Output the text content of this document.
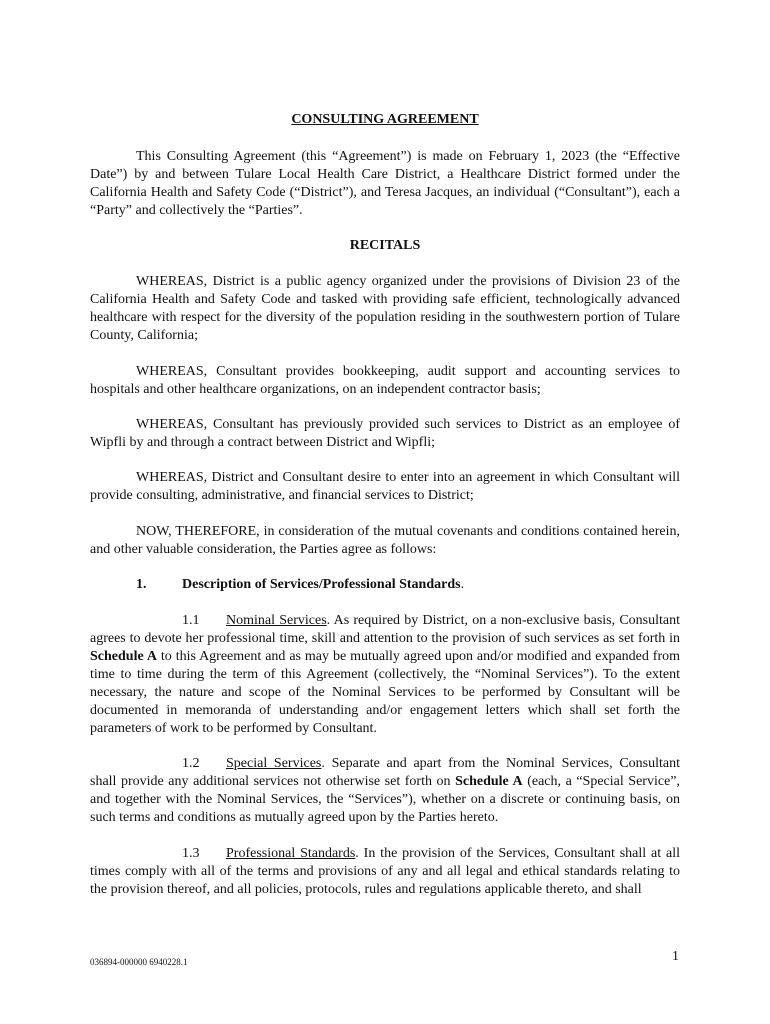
CONSULTING AGREEMENT
This Consulting Agreement (this “Agreement”) is made on February 1, 2023 (the “Effective Date”) by and between Tulare Local Health Care District, a Healthcare District formed under the California Health and Safety Code (“District”), and Teresa Jacques, an individual (“Consultant”), each a “Party” and collectively the “Parties”.
RECITALS
WHEREAS, District is a public agency organized under the provisions of Division 23 of the California Health and Safety Code and tasked with providing safe efficient, technologically advanced healthcare with respect for the diversity of the population residing in the southwestern portion of Tulare County, California;
WHEREAS, Consultant provides bookkeeping, audit support and accounting services to hospitals and other healthcare organizations, on an independent contractor basis;
WHEREAS, Consultant has previously provided such services to District as an employee of Wipfli by and through a contract between District and Wipfli;
WHEREAS, District and Consultant desire to enter into an agreement in which Consultant will provide consulting, administrative, and financial services to District;
NOW, THEREFORE, in consideration of the mutual covenants and conditions contained herein, and other valuable consideration, the Parties agree as follows:
1.	Description of Services/Professional Standards.
1.1 Nominal Services. As required by District, on a non-exclusive basis, Consultant agrees to devote her professional time, skill and attention to the provision of such services as set forth in Schedule A to this Agreement and as may be mutually agreed upon and/or modified and expanded from time to time during the term of this Agreement (collectively, the “Nominal Services”). To the extent necessary, the nature and scope of the Nominal Services to be performed by Consultant will be documented in memoranda of understanding and/or engagement letters which shall set forth the parameters of work to be performed by Consultant.
1.2 Special Services. Separate and apart from the Nominal Services, Consultant shall provide any additional services not otherwise set forth on Schedule A (each, a “Special Service”, and together with the Nominal Services, the “Services”), whether on a discrete or continuing basis, on such terms and conditions as mutually agreed upon by the Parties hereto.
1.3 Professional Standards. In the provision of the Services, Consultant shall at all times comply with all of the terms and provisions of any and all legal and ethical standards relating to the provision thereof, and all policies, protocols, rules and regulations applicable thereto, and shall
036894-000000 6940228.1	1
